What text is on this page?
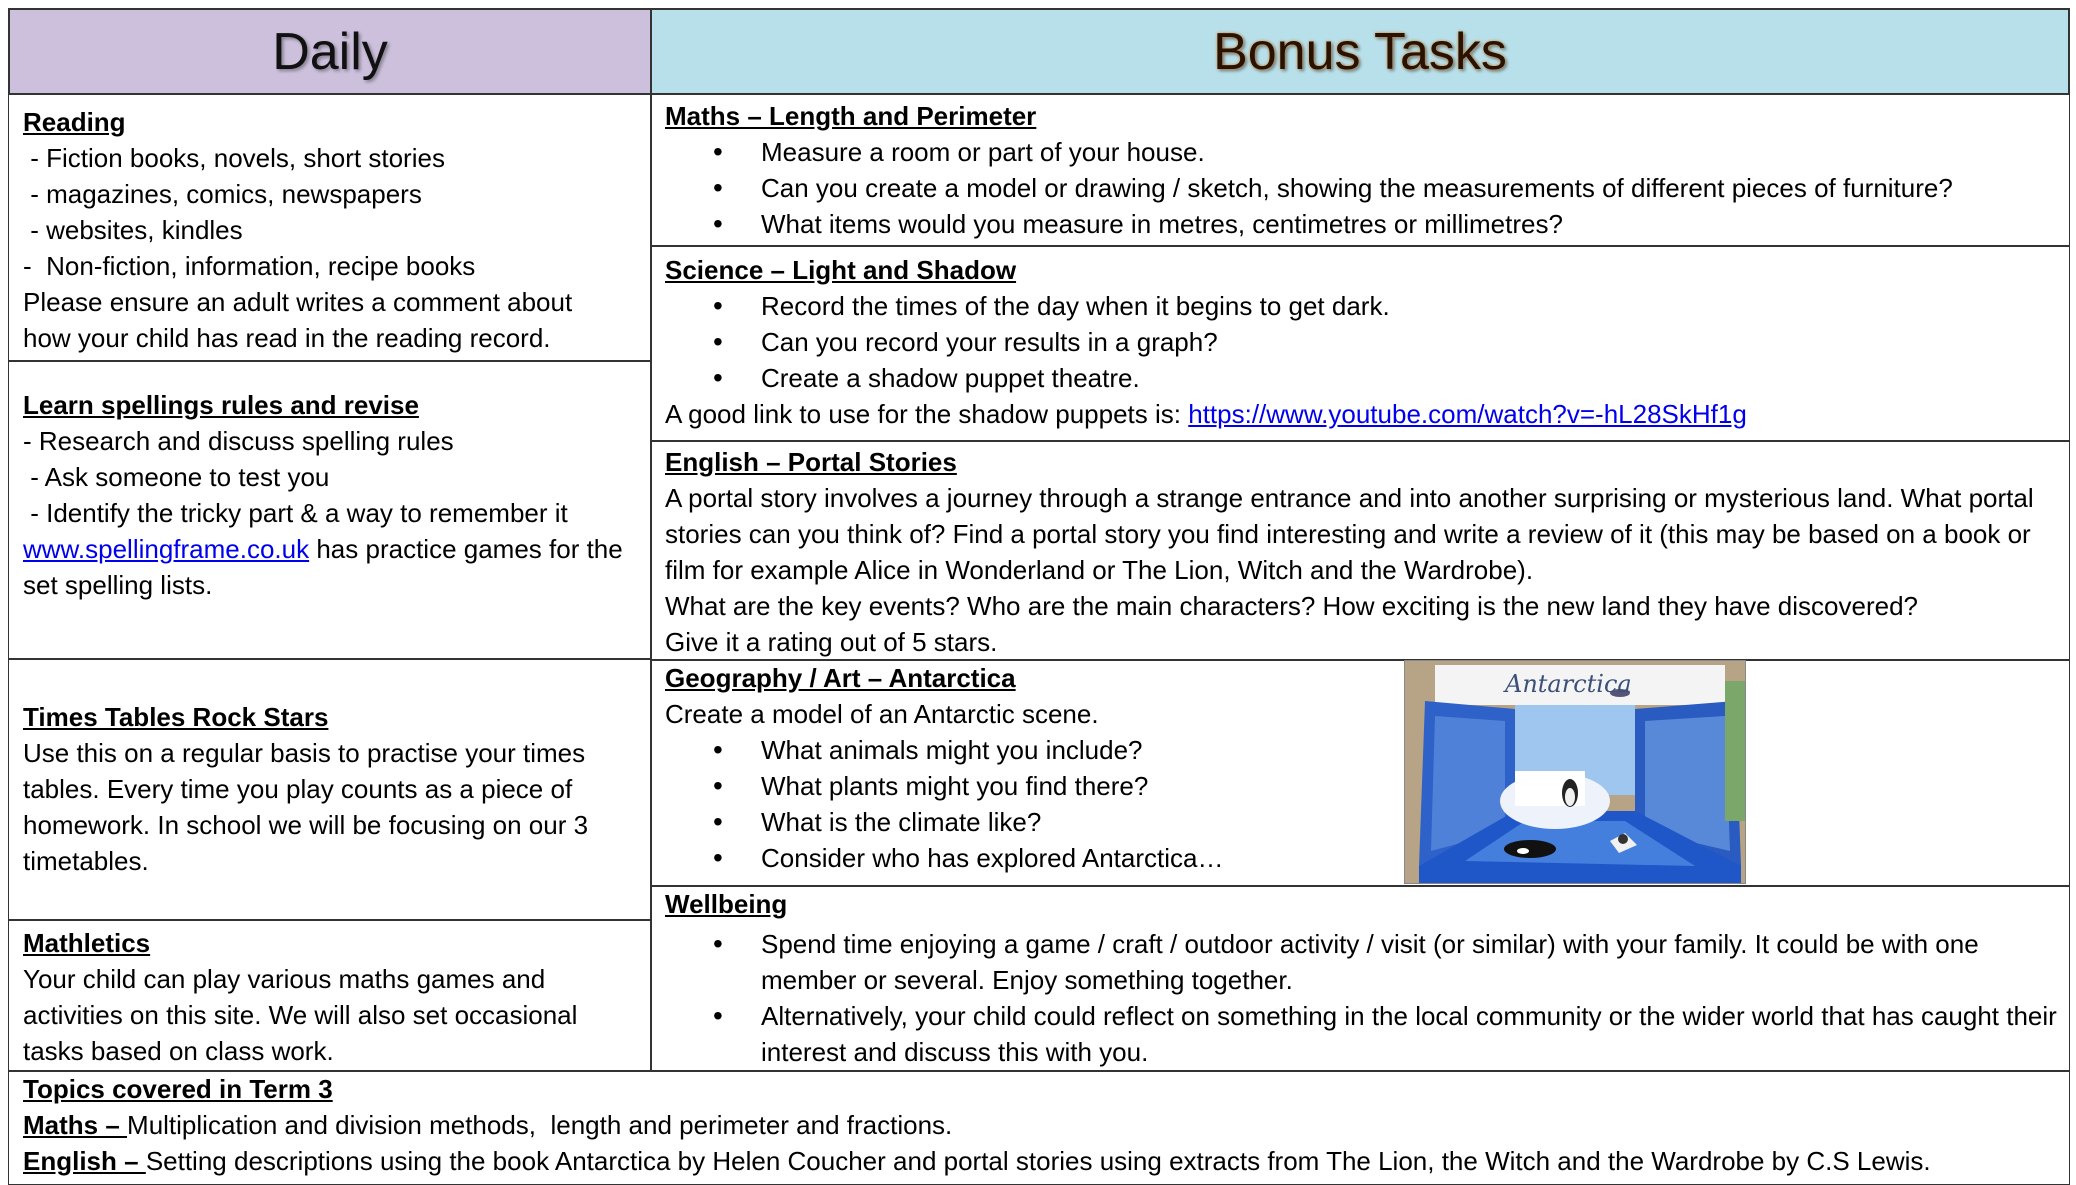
Daily	Bonus Tasks
Reading
- Fiction books, novels, short stories
- magazines, comics, newspapers
- websites, kindles
-  Non-fiction, information, recipe books
Please ensure an adult writes a comment about how your child has read in the reading record.
Learn spellings rules and revise
- Research and discuss spelling rules
- Ask someone to test you
- Identify the tricky part & a way to remember it
www.spellingframe.co.uk has practice games for the set spelling lists.
Times Tables Rock Stars
Use this on a regular basis to practise your times tables. Every time you play counts as a piece of homework. In school we will be focusing on our 3 timetables.
Mathletics
Your child can play various maths games and activities on this site. We will also set occasional tasks based on class work.
Maths – Length and Perimeter
• Measure a room or part of your house.
• Can you create a model or drawing / sketch, showing the measurements of different pieces of furniture?
• What items would you measure in metres, centimetres or millimetres?
Science – Light and Shadow
• Record the times of the day when it begins to get dark.
• Can you record your results in a graph?
• Create a shadow puppet theatre.
A good link to use for the shadow puppets is: https://www.youtube.com/watch?v=-hL28SkHf1g
English – Portal Stories
A portal story involves a journey through a strange entrance and into another surprising or mysterious land. What portal stories can you think of? Find a portal story you find interesting and write a review of it (this may be based on a book or film for example Alice in Wonderland or The Lion, Witch and the Wardrobe).
What are the key events? Who are the main characters? How exciting is the new land they have discovered?
Give it a rating out of 5 stars.
Geography / Art – Antarctica
Create a model of an Antarctic scene.
• What animals might you include?
• What plants might you find there?
• What is the climate like?
• Consider who has explored Antarctica…
Antarctica
Wellbeing
• Spend time enjoying a game / craft / outdoor activity / visit (or similar) with your family. It could be with one member or several. Enjoy something together.
• Alternatively, your child could reflect on something in the local community or the wider world that has caught their interest and discuss this with you.
Topics covered in Term 3
Maths – Multiplication and division methods,  length and perimeter and fractions.
English – Setting descriptions using the book Antarctica by Helen Coucher and portal stories using extracts from The Lion, the Witch and the Wardrobe by C.S Lewis.
